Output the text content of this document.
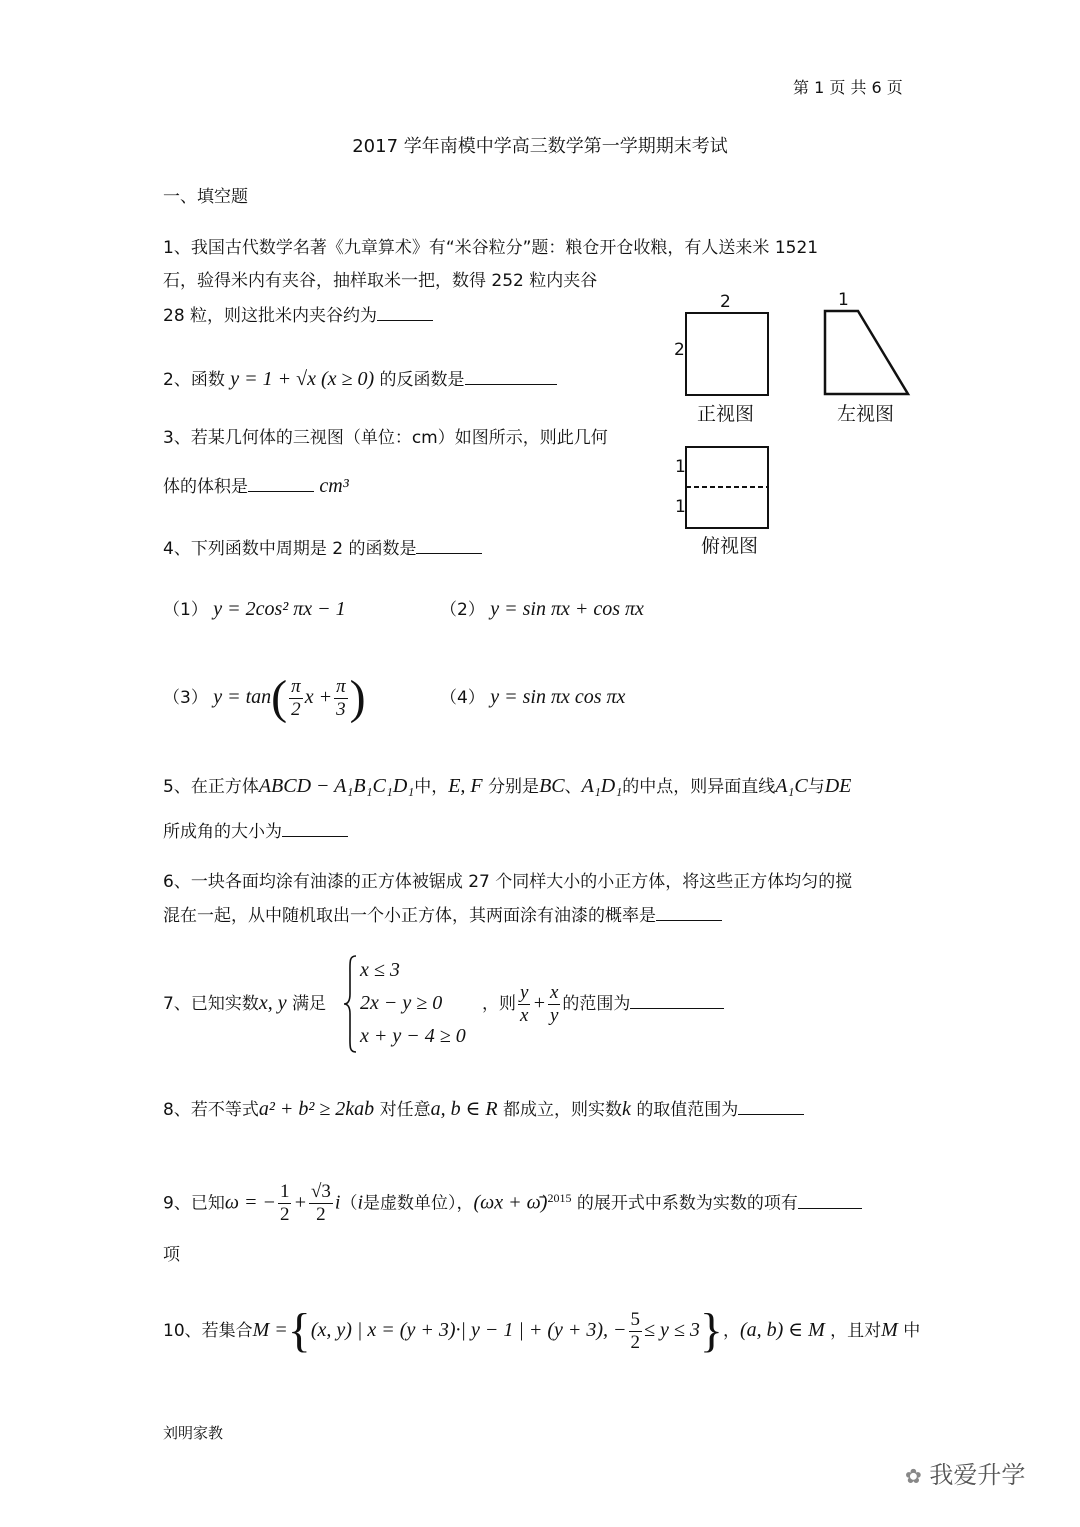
第 1 页 共 6 页
2017 学年南模中学高三数学第一学期期末考试
一、填空题
1、我国古代数学名著《九章算术》有“米谷粒分”题：粮仓开仓收粮，有人送来米 1521
石，验得米内有夹谷，抽样取米一把，数得 252 粒内夹谷
28 粒，则这批米内夹谷约为
2、函数 y = 1 + √x (x ≥ 0) 的反函数是
3、若某几何体的三视图（单位：cm）如图所示，则此几何
体的体积是	cm³
2
2
正视图
1
左视图
1
1
俯视图
4、下列函数中周期是 2 的函数是
（1） y = 2cos² πx − 1	（2） y = sin πx + cos πx
（3） $y = \tan( \frac{\pi}{2}$ $x + \frac{\pi}{3}$ )	（4） y = sin πx cos πx
5、在正方体ABCD − A₁B₁C₁D₁中，E, F 分别是BC、A₁D₁的中点，则异面直线A₁C与DE
所成角的大小为
6、一块各面均涂有油漆的正方体被锯成 27 个同样大小的小正方体，将这些正方体均匀的搅
混在一起，从中随机取出一个小正方体，其两面涂有油漆的概率是
7、已知实数x, y 满足
x ≤ 3
2x − y ≥ 0
x + y − 4 ≥ 0
，则 $\frac{y}{x} + \frac{x}{y}$ 的范围为
8、若不等式a² + b² ≥ 2kab 对任意a, b ∈ R 都成立，则实数k 的取值范围为
9、已知ω = − $\frac{1}{2} + \frac{√3}{2} i(i$是虚数单位），(ωx + ω̄)$^{2015}$ 的展开式中系数为实数的项有
项
10、若集合M ={(x, y) | x = (y + 3)·| y − 1 | + (y + 3), − $\frac{5}{2} \le y \le 3$}，(a, b) ∈ M ，且对M 中
刘明家教
✿ 我爱升学
